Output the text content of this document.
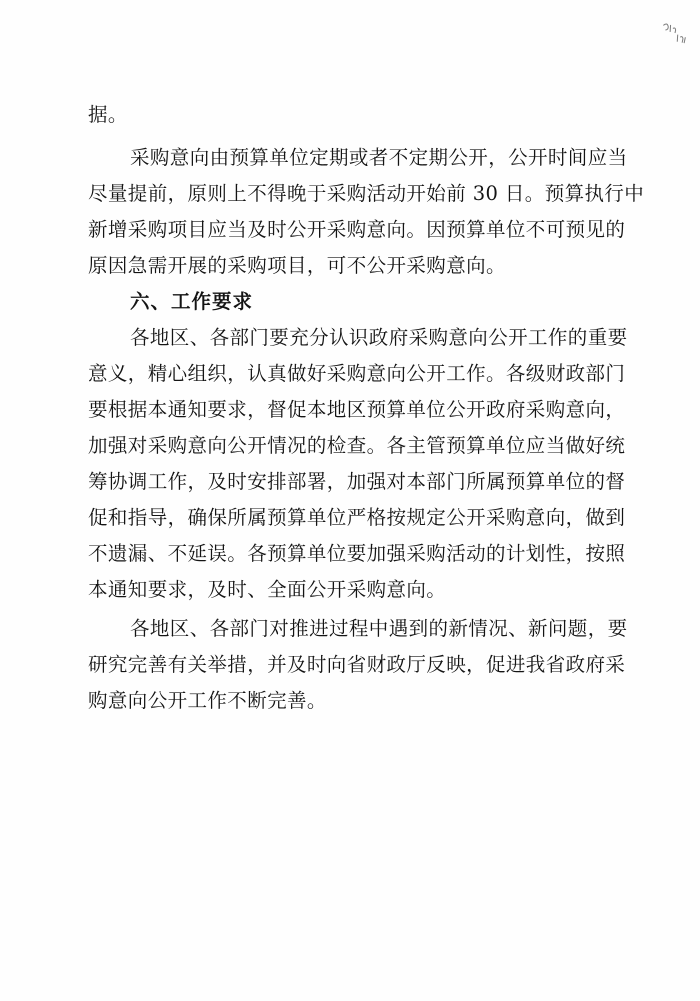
据。
采购意向由预算单位定期或者不定期公开，公开时间应当
尽量提前，原则上不得晚于采购活动开始前 30 日。预算执行中
新增采购项目应当及时公开采购意向。因预算单位不可预见的
原因急需开展的采购项目，可不公开采购意向。
六、工作要求
各地区、各部门要充分认识政府采购意向公开工作的重要
意义，精心组织，认真做好采购意向公开工作。各级财政部门
要根据本通知要求，督促本地区预算单位公开政府采购意向，
加强对采购意向公开情况的检查。各主管预算单位应当做好统
筹协调工作，及时安排部署，加强对本部门所属预算单位的督
促和指导，确保所属预算单位严格按规定公开采购意向，做到
不遗漏、不延误。各预算单位要加强采购活动的计划性，按照
本通知要求，及时、全面公开采购意向。
各地区、各部门对推进过程中遇到的新情况、新问题，要
研究完善有关举措，并及时向省财政厅反映，促进我省政府采
购意向公开工作不断完善。
